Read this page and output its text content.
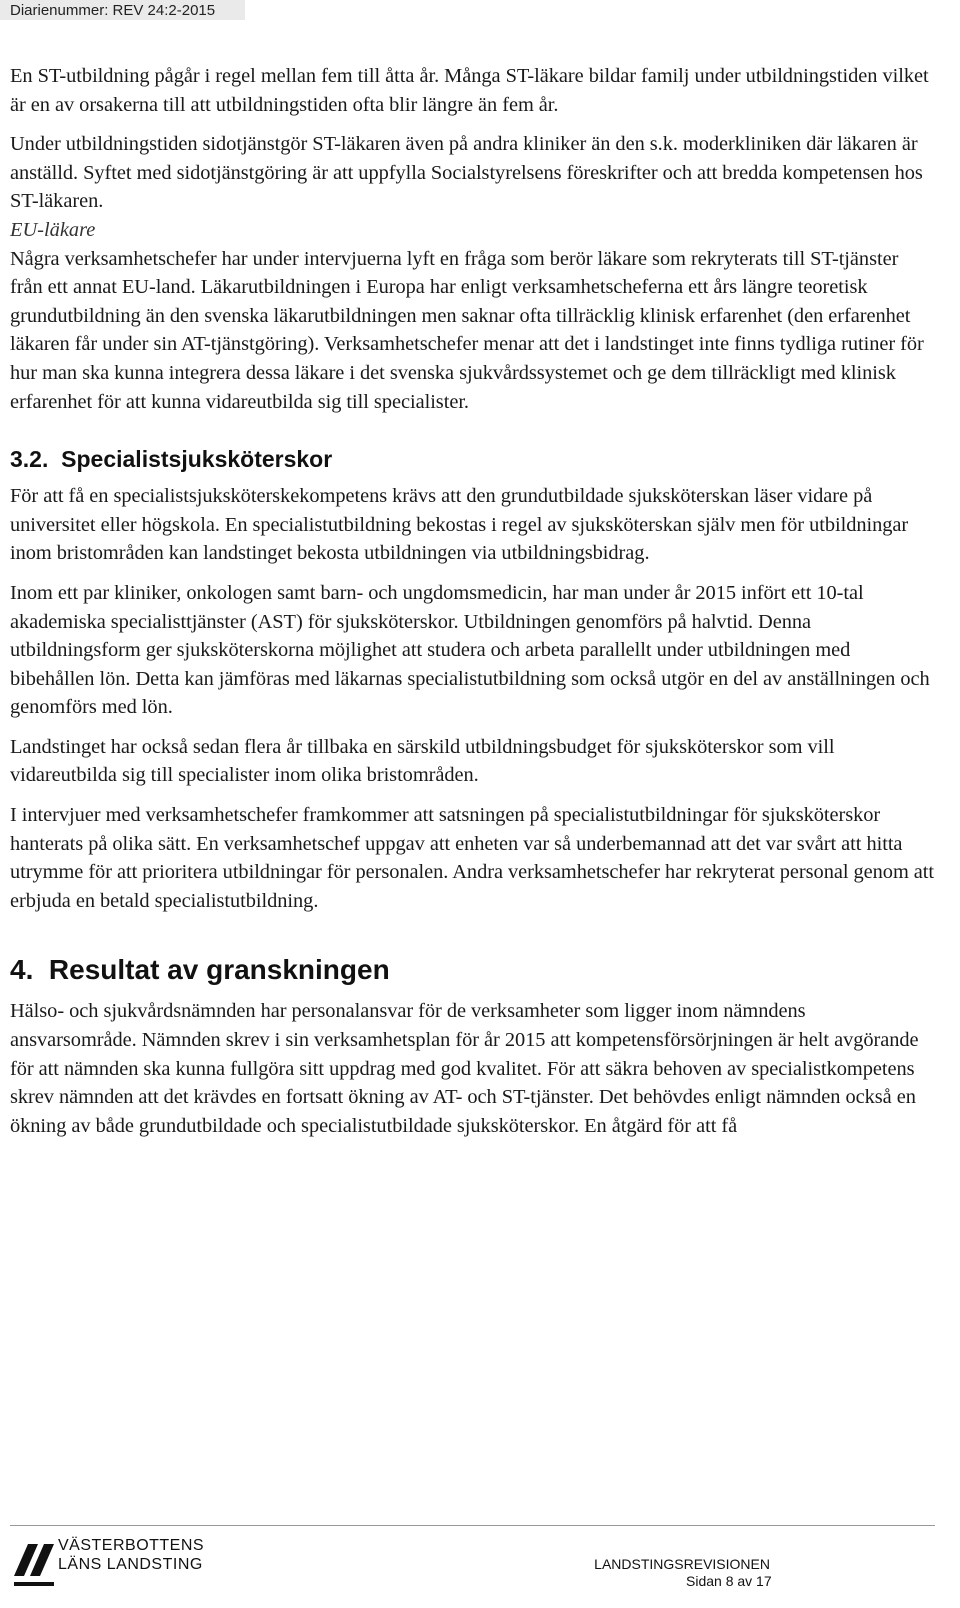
Diarienummer: REV 24:2-2015

En ST-utbildning pågår i regel mellan fem till åtta år. Många ST-läkare bildar familj under utbildningstiden vilket är en av orsakerna till att utbildningstiden ofta blir längre än fem år.

Under utbildningstiden sidotjänstgör ST-läkaren även på andra kliniker än den s.k. moderkliniken där läkaren är anställd. Syftet med sidotjänstgöring är att uppfylla Socialstyrelsens föreskrifter och att bredda kompetensen hos ST-läkaren.

EU-läkare

Några verksamhetschefer har under intervjuerna lyft en fråga som berör läkare som rekryterats till ST-tjänster från ett annat EU-land. Läkarutbildningen i Europa har enligt verksamhetscheferna ett års längre teoretisk grundutbildning än den svenska läkarutbildningen men saknar ofta tillräcklig klinisk erfarenhet (den erfarenhet läkaren får under sin AT-tjänstgöring). Verksamhetschefer menar att det i landstinget inte finns tydliga rutiner för hur man ska kunna integrera dessa läkare i det svenska sjukvårdssystemet och ge dem tillräckligt med klinisk erfarenhet för att kunna vidareutbilda sig till specialister.

3.2. Specialistsjuksköterskor

För att få en specialistsjuksköterskekompetens krävs att den grundutbildade sjuksköterskan läser vidare på universitet eller högskola. En specialistutbildning bekostas i regel av sjuksköterskan själv men för utbildningar inom bristområden kan landstinget bekosta utbildningen via utbildningsbidrag.

Inom ett par kliniker, onkologen samt barn- och ungdomsmedicin, har man under år 2015 infört ett 10-tal akademiska specialisttjänster (AST) för sjuksköterskor. Utbildningen genomförs på halvtid. Denna utbildningsform ger sjuksköterskorna möjlighet att studera och arbeta parallellt under utbildningen med bibehållen lön. Detta kan jämföras med läkarnas specialistutbildning som också utgör en del av anställningen och genomförs med lön.

Landstinget har också sedan flera år tillbaka en särskild utbildningsbudget för sjuksköterskor som vill vidareutbilda sig till specialister inom olika bristområden.

I intervjuer med verksamhetschefer framkommer att satsningen på specialistutbildningar för sjuksköterskor hanterats på olika sätt. En verksamhetschef uppgav att enheten var så underbemannad att det var svårt att hitta utrymme för att prioritera utbildningar för personalen. Andra verksamhetschefer har rekryterat personal genom att erbjuda en betald specialistutbildning.

4. Resultat av granskningen

Hälso- och sjukvårdsnämnden har personalansvar för de verksamheter som ligger inom nämndens ansvarsområde. Nämnden skrev i sin verksamhetsplan för år 2015 att kompetensförsörjningen är helt avgörande för att nämnden ska kunna fullgöra sitt uppdrag med god kvalitet. För att säkra behoven av specialistkompetens skrev nämnden att det krävdes en fortsatt ökning av AT- och ST-tjänster. Det behövdes enligt nämnden också en ökning av både grundutbildade och specialistutbildade sjuksköterskor. En åtgärd för att få

VÄSTERBOTTENS
LÄNS LANDSTING	LANDSTINGSREVISIONEN
Sidan 8 av 17
